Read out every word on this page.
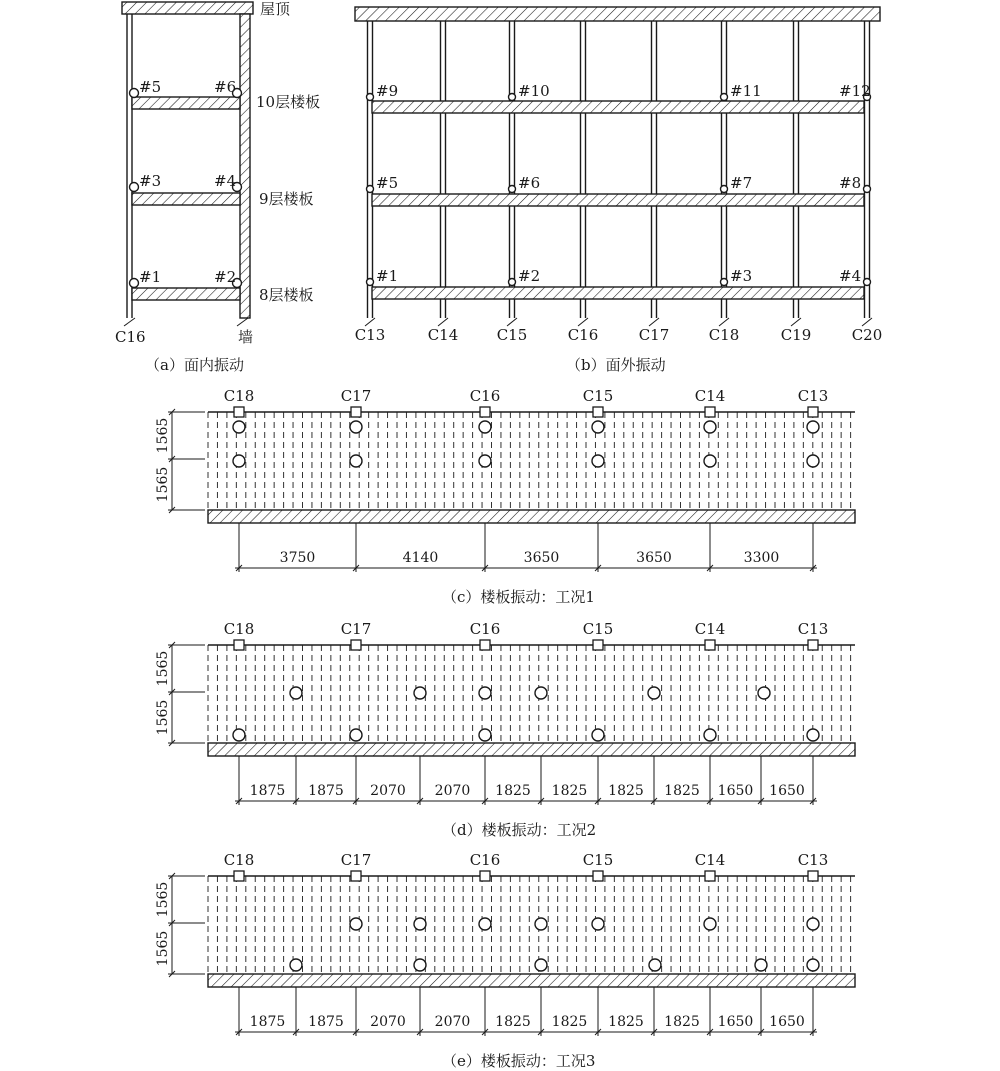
屋顶
10层楼板
9层楼板
8层楼板
#5	#6
#3	#4
#1	#2
C16	墙
（a）面内振动
C13	C14	C15	C16	C17	C18	C19	C20
#9	#10	#11	#12
#5	#6	#7	#8
#1	#2	#3	#4
（b）面外振动
（c）楼板振动：工况1
C18	C17	C16	C15	C14	C13
1565
1565
3750	4140	3650	3650	3300
（d）楼板振动：工况2
C18	C17	C16	C15	C14	C13
1565
1565
1875 1875 2070 2070 1825 1825 1825 1825 1650 1650
（e）楼板振动：工况3
C18	C17	C16	C15	C14	C13
1565
1565
1875 1875 2070 2070 1825 1825 1825 1825 1650 1650
